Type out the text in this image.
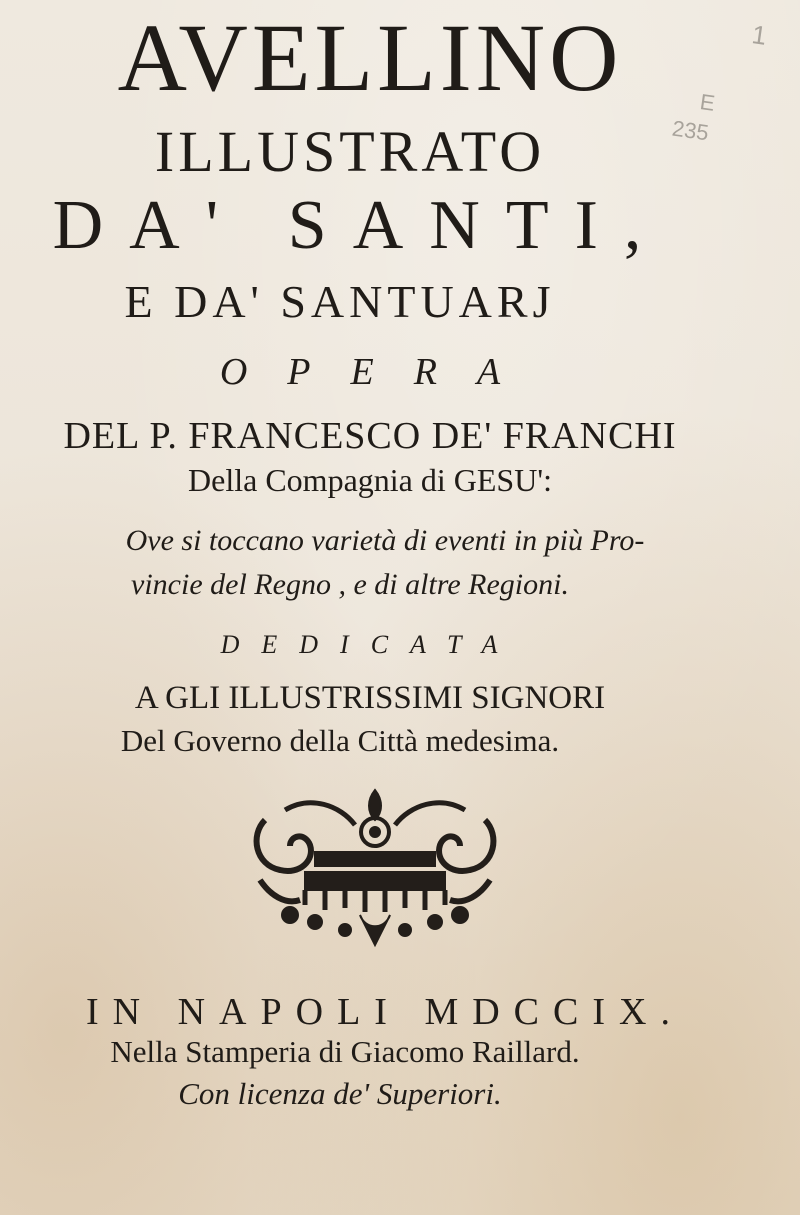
AVELLINO
ILLUSTRATO
DA' SANTI,
E DA' SANTUARJ
OPERA
DEL P. FRANCESCO DE' FRANCHI
Della Compagnia di GESU':
Ove si toccano varietà di eventi in più Pro-
vincie del Regno , e di altre Regioni.
DEDICATA
A GLI ILLUSTRISSIMI SIGNORI
Del Governo della Città medesima.
IN NAPOLI MDCCIX.
Nella Stamperia di Giacomo Raillard.
Con licenza de' Superiori.
E
235
1
